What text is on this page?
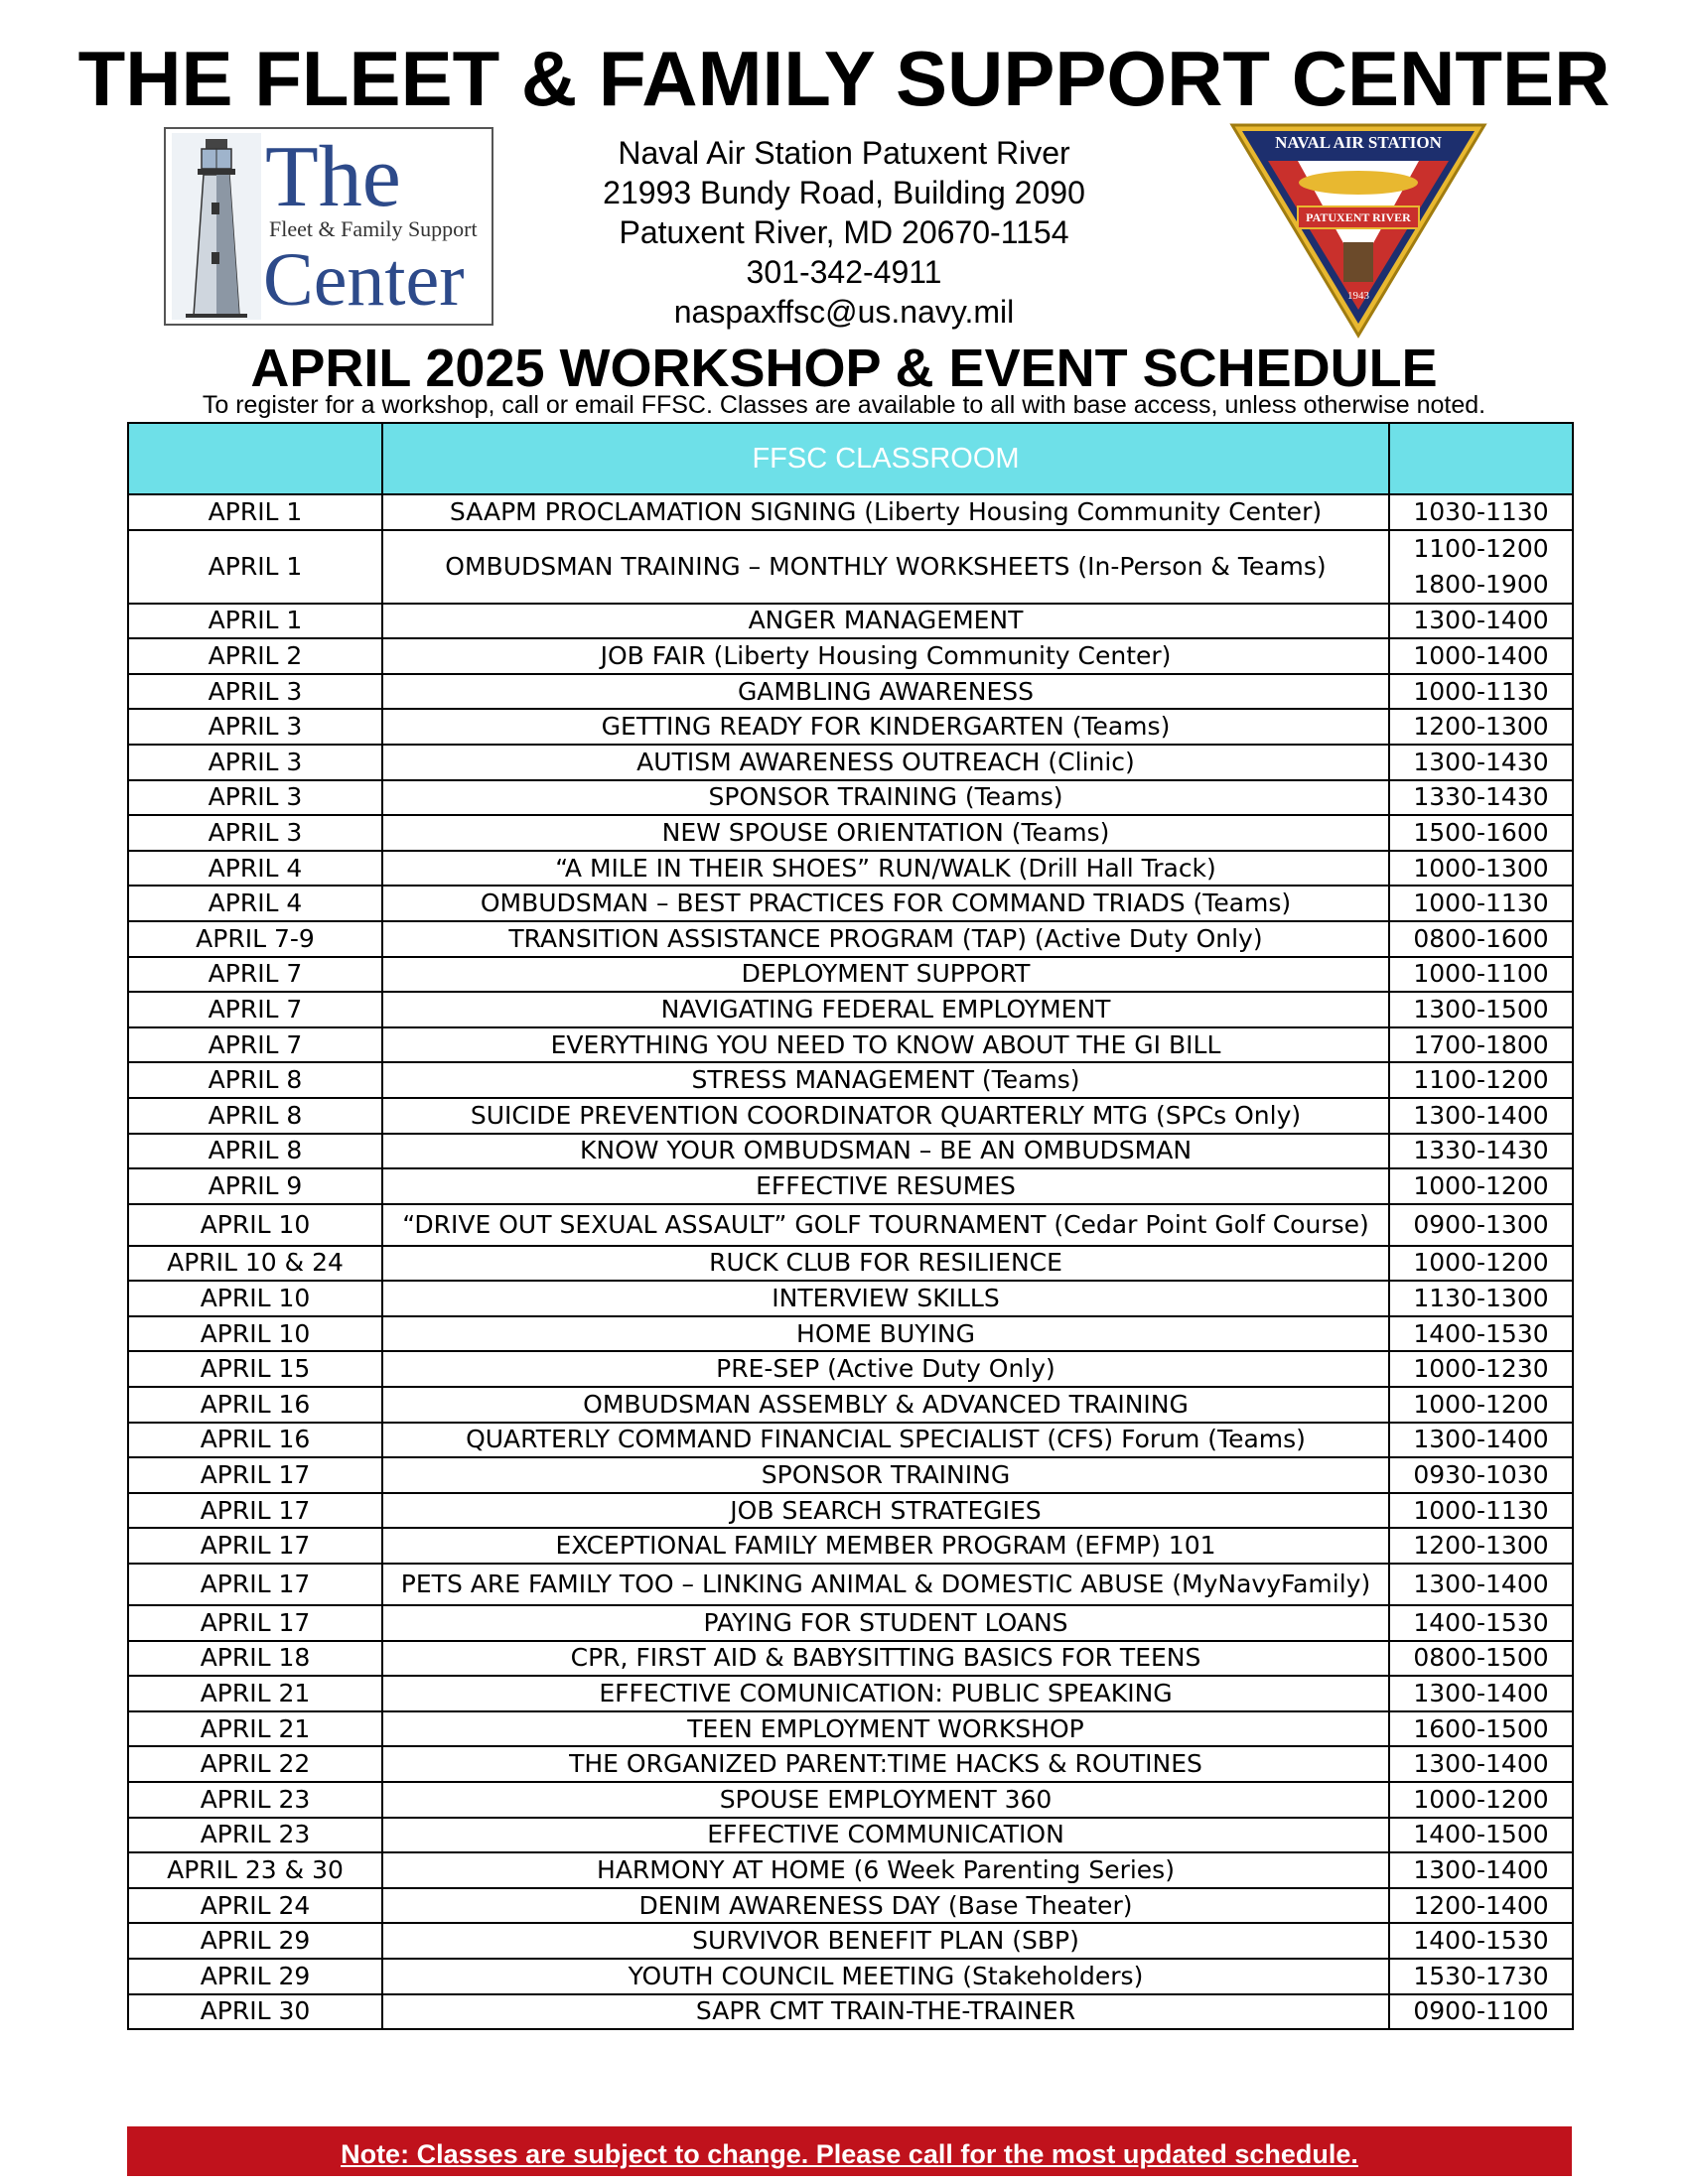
THE FLEET & FAMILY SUPPORT CENTER
The
Fleet & Family Support
Center
Naval Air Station Patuxent River
21993 Bundy Road, Building 2090
Patuxent River, MD 20670-1154
301-342-4911
naspaxffsc@us.navy.mil
NAVAL AIR STATION
1943
PATUXENT RIVER
APRIL 2025 WORKSHOP & EVENT SCHEDULE
To register for a workshop, call or email FFSC. Classes are available to all with base access, unless otherwise noted.
	FFSC CLASSROOM	
APRIL 1	SAAPM PROCLAMATION SIGNING (Liberty Housing Community Center)	1030-1130
APRIL 1	OMBUDSMAN TRAINING – MONTHLY WORKSHEETS (In-Person & Teams)	1100-1200
1800-1900

APRIL 1	ANGER MANAGEMENT	1300-1400
APRIL 2	JOB FAIR (Liberty Housing Community Center)	1000-1400
APRIL 3	GAMBLING AWARENESS	1000-1130
APRIL 3	GETTING READY FOR KINDERGARTEN (Teams)	1200-1300
APRIL 3	AUTISM AWARENESS OUTREACH (Clinic)	1300-1430
APRIL 3	SPONSOR TRAINING (Teams)	1330-1430
APRIL 3	NEW SPOUSE ORIENTATION (Teams)	1500-1600
APRIL 4	“A MILE IN THEIR SHOES” RUN/WALK (Drill Hall Track)	1000-1300
APRIL 4	OMBUDSMAN – BEST PRACTICES FOR COMMAND TRIADS (Teams)	1000-1130
APRIL 7-9	TRANSITION ASSISTANCE PROGRAM (TAP) (Active Duty Only)	0800-1600
APRIL 7	DEPLOYMENT SUPPORT	1000-1100
APRIL 7	NAVIGATING FEDERAL EMPLOYMENT	1300-1500
APRIL 7	EVERYTHING YOU NEED TO KNOW ABOUT THE GI BILL	1700-1800
APRIL 8	STRESS MANAGEMENT (Teams)	1100-1200
APRIL 8	SUICIDE PREVENTION COORDINATOR QUARTERLY MTG (SPCs Only)	1300-1400
APRIL 8	KNOW YOUR OMBUDSMAN – BE AN OMBUDSMAN	1330-1430
APRIL 9	EFFECTIVE RESUMES	1000-1200
APRIL 10	“DRIVE OUT SEXUAL ASSAULT” GOLF TOURNAMENT (Cedar Point Golf Course)	0900-1300
APRIL 10 & 24	RUCK CLUB FOR RESILIENCE	1000-1200
APRIL 10	INTERVIEW SKILLS	1130-1300
APRIL 10	HOME BUYING	1400-1530
APRIL 15	PRE-SEP (Active Duty Only)	1000-1230
APRIL 16	OMBUDSMAN ASSEMBLY & ADVANCED TRAINING	1000-1200
APRIL 16	QUARTERLY COMMAND FINANCIAL SPECIALIST (CFS) Forum (Teams)	1300-1400
APRIL 17	SPONSOR TRAINING	0930-1030
APRIL 17	JOB SEARCH STRATEGIES	1000-1130
APRIL 17	EXCEPTIONAL FAMILY MEMBER PROGRAM (EFMP) 101	1200-1300
APRIL 17	PETS ARE FAMILY TOO – LINKING ANIMAL & DOMESTIC ABUSE (MyNavyFamily)	1300-1400
APRIL 17	PAYING FOR STUDENT LOANS	1400-1530
APRIL 18	CPR, FIRST AID & BABYSITTING BASICS FOR TEENS	0800-1500
APRIL 21	EFFECTIVE COMUNICATION: PUBLIC SPEAKING	1300-1400
APRIL 21	TEEN EMPLOYMENT WORKSHOP	1600-1500
APRIL 22	THE ORGANIZED PARENT:TIME HACKS & ROUTINES	1300-1400
APRIL 23	SPOUSE EMPLOYMENT 360	1000-1200
APRIL 23	EFFECTIVE COMMUNICATION	1400-1500
APRIL 23 & 30	HARMONY AT HOME (6 Week Parenting Series)	1300-1400
APRIL 24	DENIM AWARENESS DAY (Base Theater)	1200-1400
APRIL 29	SURVIVOR BENEFIT PLAN (SBP)	1400-1530
APRIL 29	YOUTH COUNCIL MEETING (Stakeholders)	1530-1730
APRIL 30	SAPR CMT TRAIN-THE-TRAINER	0900-1100
Note: Classes are subject to change. Please call for the most updated schedule.
